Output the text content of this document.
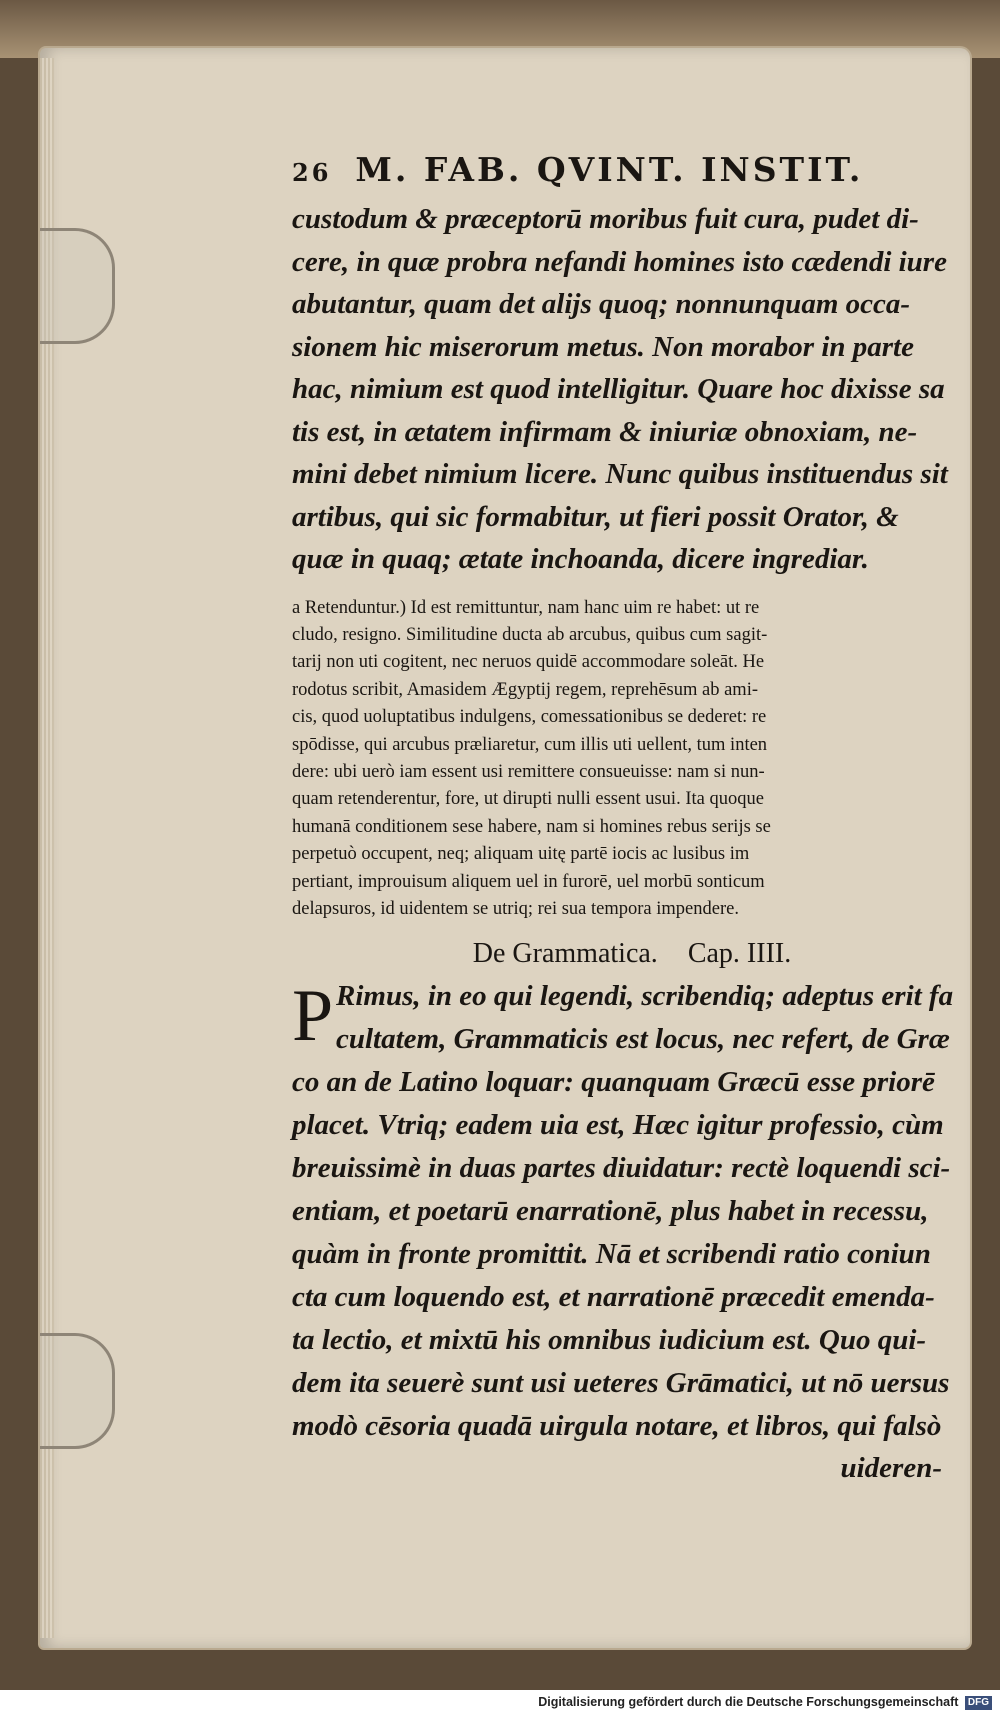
26 M. FAB. QVINT. INSTIT.
custodum & præceptorū moribus fuit cura, pudet di-
cere, in quæ probra nefandi homines isto cædendi iure
abutantur, quam det alijs quoq; nonnunquam occa-
sionem hic miserorum metus. Non morabor in parte
hac, nimium est quod intelligitur. Quare hoc dixisse sa
tis est, in ætatem infirmam & iniuriæ obnoxiam, ne-
mini debet nimium licere. Nunc quibus instituendus sit
artibus, qui sic formabitur, ut fieri possit Orator, &
quæ in quaq; ætate inchoanda, dicere ingrediar.
a Retenduntur.) Id est remittuntur, nam hanc uim re habet: ut re
cludo, resigno. Similitudine ducta ab arcubus, quibus cum sagit-
tarij non uti cogitent, nec neruos quidē accommodare soleāt. He
rodotus scribit, Amasidem Ægyptij regem, reprehēsum ab ami-
cis, quod uoluptatibus indulgens, comessationibus se dederet: re
spōdisse, qui arcubus præliaretur, cum illis uti uellent, tum inten
dere: ubi uerò iam essent usi remittere consueuisse: nam si nun-
quam retenderentur, fore, ut dirupti nulli essent usui. Ita quoque
humanā conditionem sese habere, nam si homines rebus serijs se
perpetuò occupent, neq; aliquam uitę partē iocis ac lusibus im
pertiant, improuisum aliquem uel in furorē, uel morbū sonticum
delapsuros, id uidentem se utriq; rei sua tempora impendere.
De Grammatica. Cap. IIII.
P Rimus, in eo qui legendi, scribendiq; adeptus erit fa
cultatem, Grammaticis est locus, nec refert, de Græ
co an de Latino loquar: quanquam Græcū esse priorē
placet. Vtriq; eadem uia est, Hæc igitur professio, cùm
breuissimè in duas partes diuidatur: rectè loquendi sci-
entiam, et poetarū enarrationē, plus habet in recessu,
quàm in fronte promittit. Nā et scribendi ratio coniun
cta cum loquendo est, et narrationē præcedit emenda-
ta lectio, et mixtū his omnibus iudicium est. Quo qui-
dem ita seuerè sunt usi ueteres Grāmatici, ut nō uersus
modò cēsoria quadā uirgula notare, et libros, qui falsò
uideren-
Digitalisierung gefördert durch die Deutsche Forschungsgemeinschaft DFG
